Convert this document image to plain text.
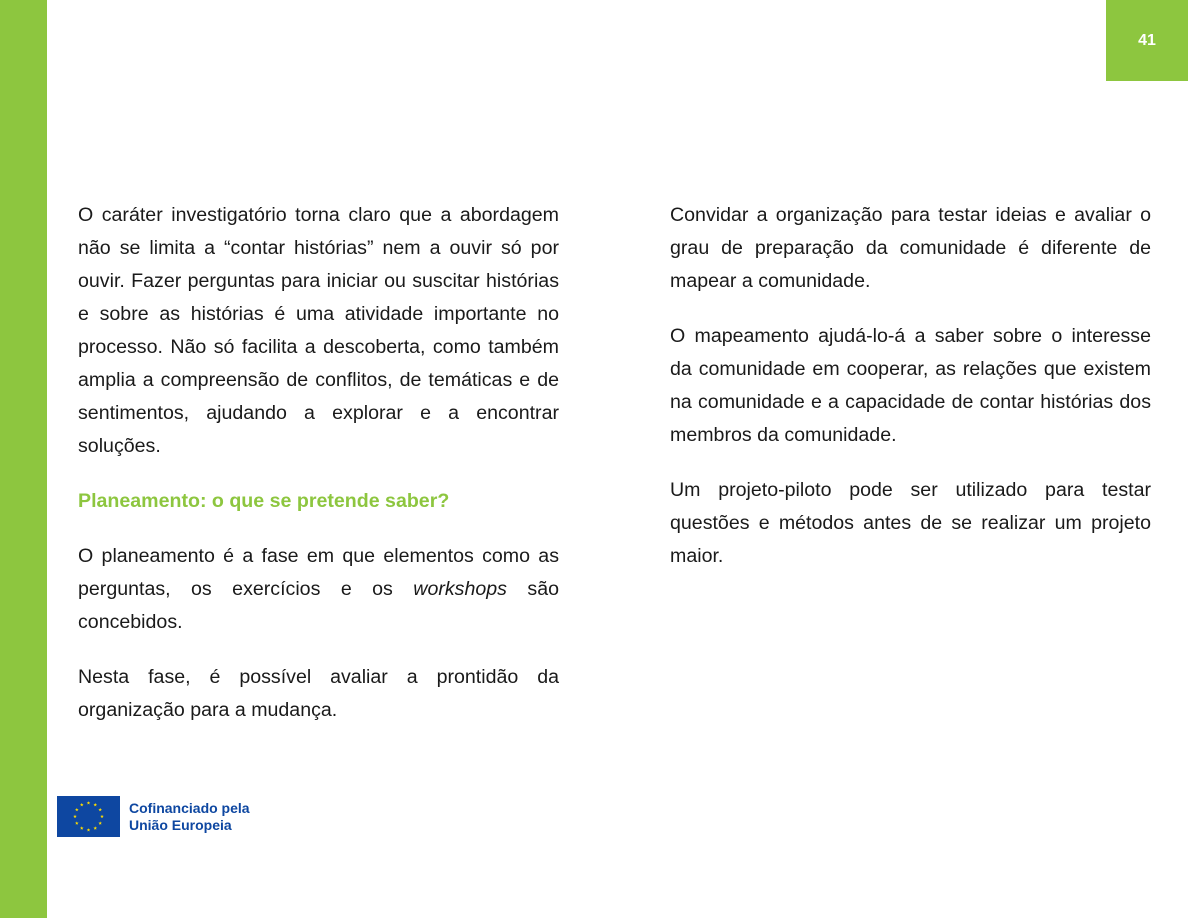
41

O caráter investigatório torna claro que a abordagem não se limita a “contar histórias” nem a ouvir só por ouvir. Fazer perguntas para iniciar ou suscitar histórias e sobre as histórias é uma atividade importante no processo. Não só facilita a descoberta, como também amplia a compreensão de conflitos, de temáticas e de sentimentos, ajudando a explorar e a encontrar soluções.

Planeamento: o que se pretende saber?

O planeamento é a fase em que elementos como as perguntas, os exercícios e os workshops são concebidos.

Nesta fase, é possível avaliar a prontidão da organização para a mudança.

Convidar a organização para testar ideias e avaliar o grau de preparação da comunidade é diferente de mapear a comunidade.

O mapeamento ajudá-lo-á a saber sobre o interesse da comunidade em cooperar, as relações que existem na comunidade e a capacidade de contar histórias dos membros da comunidade.

Um projeto-piloto pode ser utilizado para testar questões e métodos antes de se realizar um projeto maior.

Cofinanciado pela
União Europeia
